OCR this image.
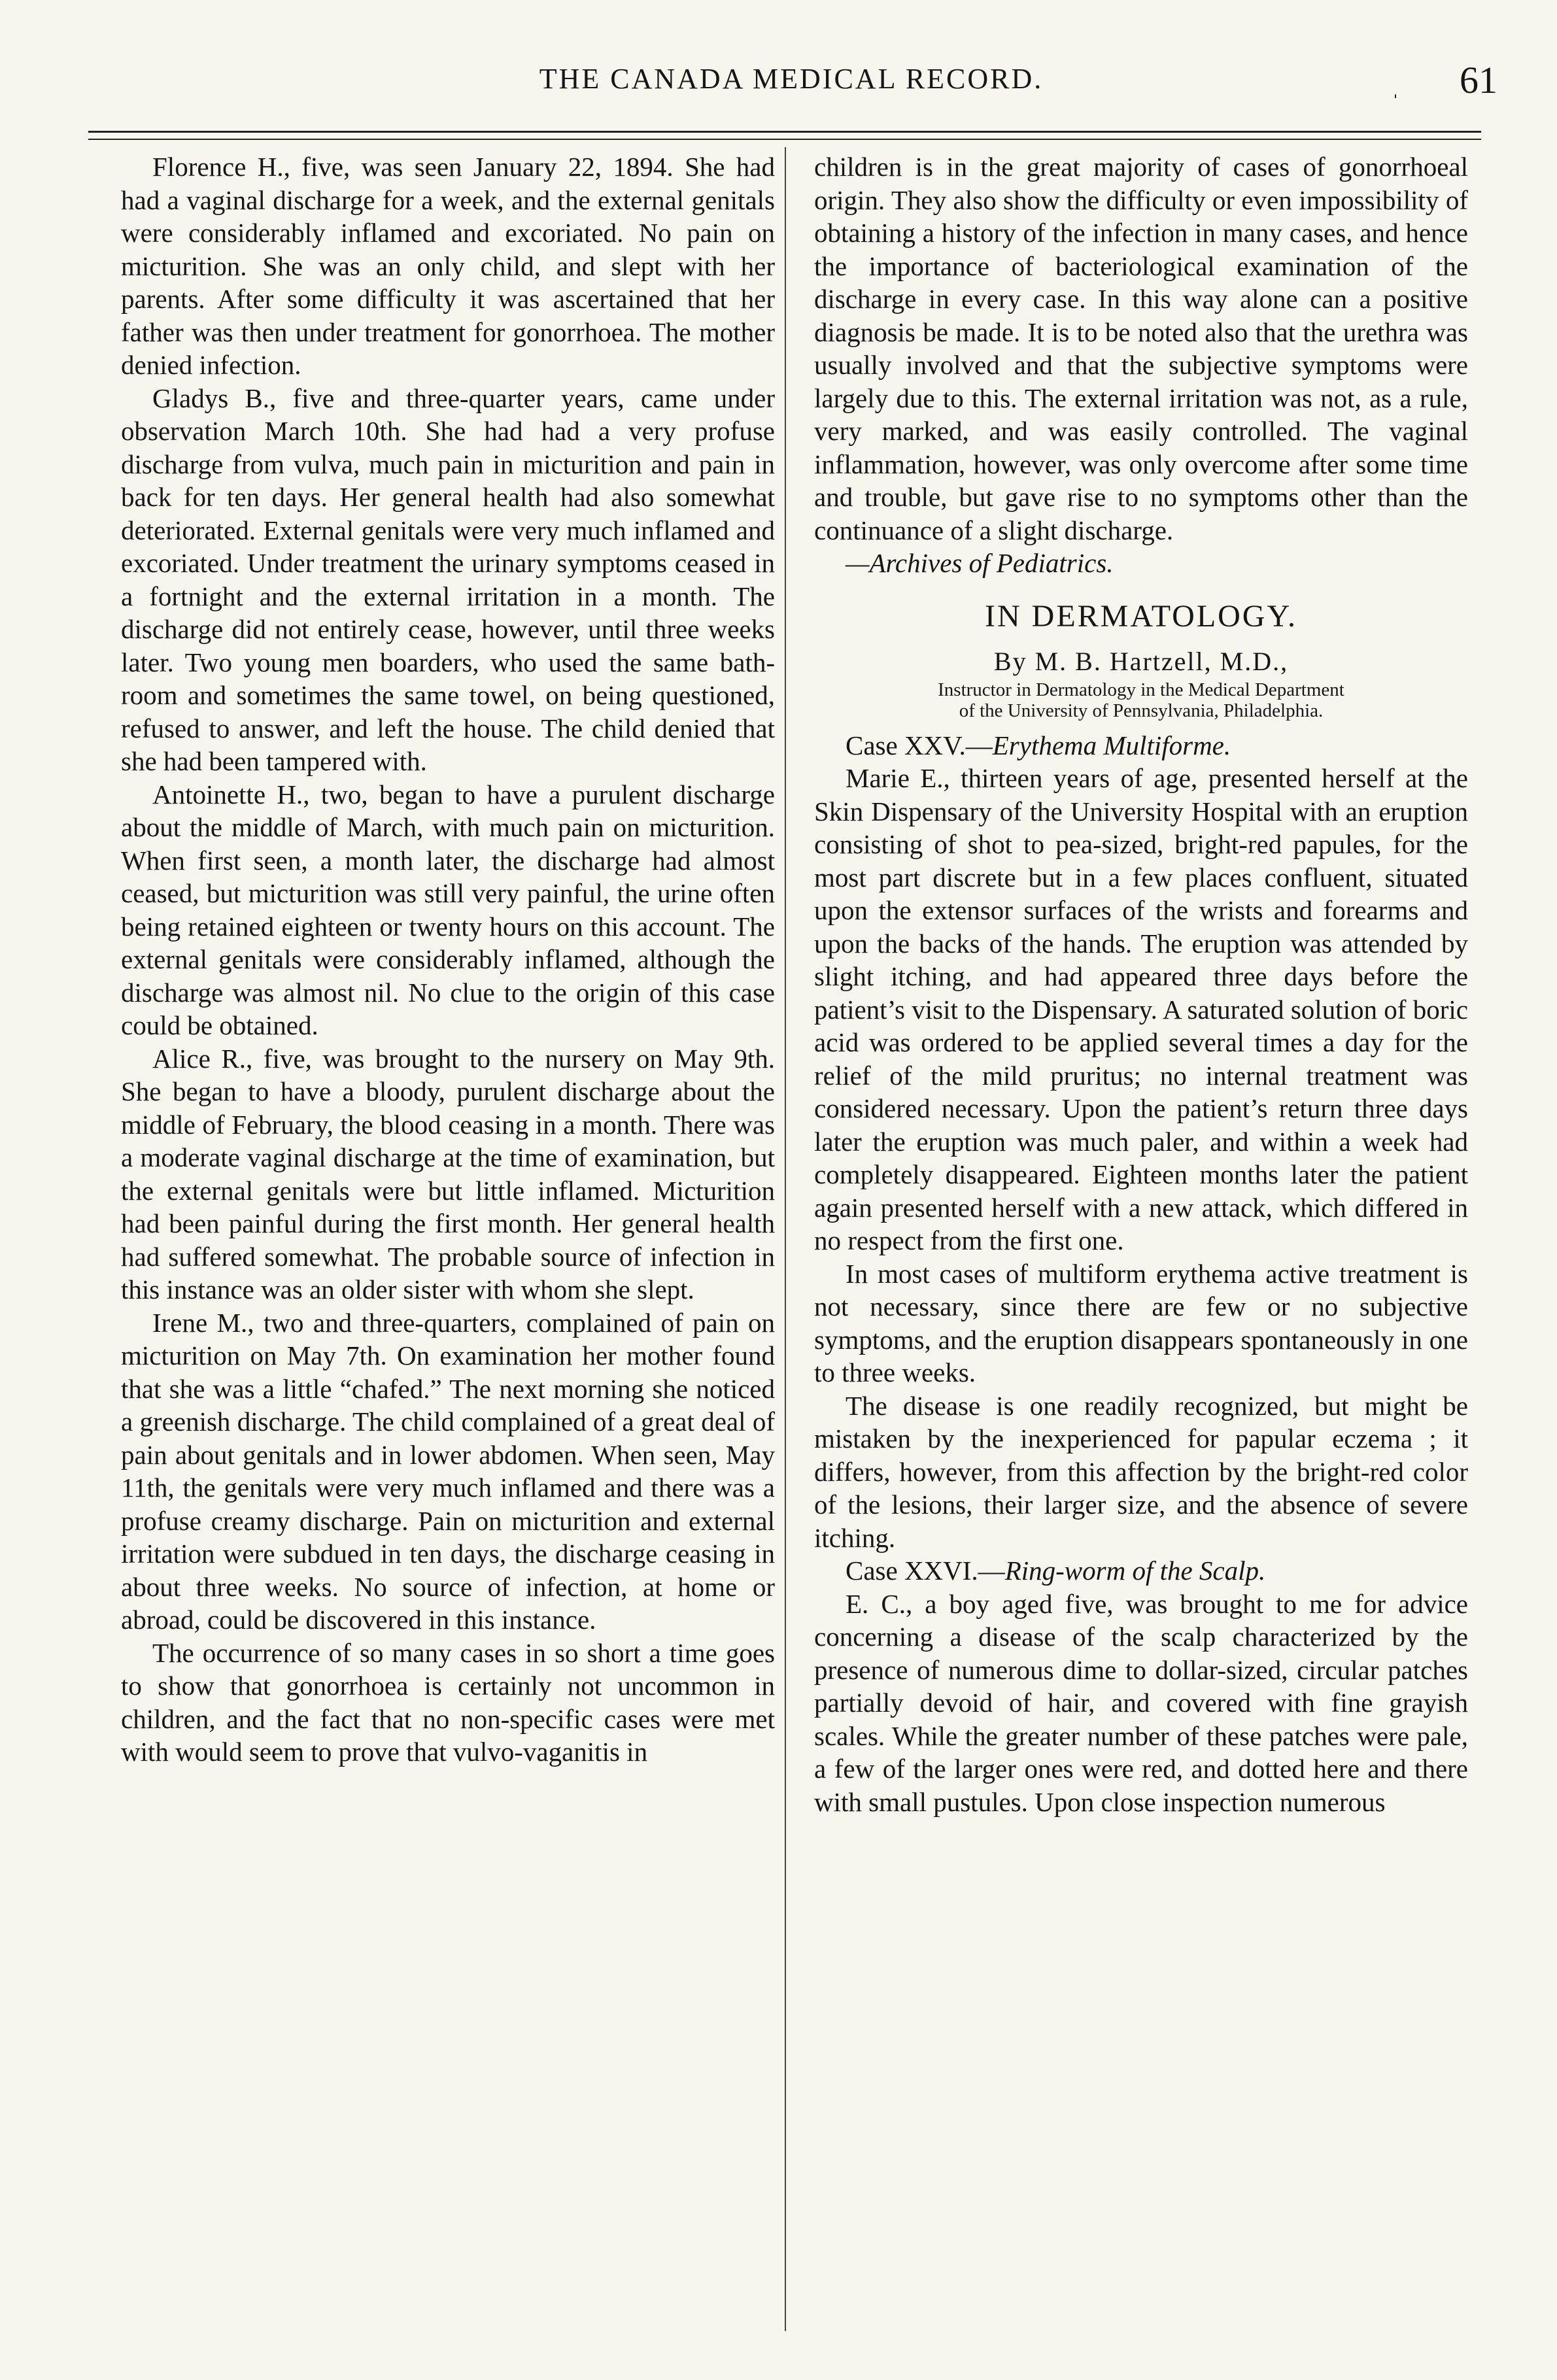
THE CANADA MEDICAL RECORD.	ˌ 61

Florence H., five, was seen January 22, 1894. She had had a vaginal discharge for a week, and the external genitals were considerably inflamed and excoriated. No pain on micturition. She was an only child, and slept with her parents. After some difficulty it was ascertained that her father was then under treatment for gonorrhoea. The mother denied infection.

Gladys B., five and three-quarter years, came under observation March 10th. She had had a very profuse discharge from vulva, much pain in micturition and pain in back for ten days. Her general health had also somewhat deteriorated. External genitals were very much inflamed and excoriated. Under treatment the urinary symptoms ceased in a fortnight and the external irritation in a month. The discharge did not entirely cease, however, until three weeks later. Two young men boarders, who used the same bath-room and sometimes the same towel, on being questioned, refused to answer, and left the house. The child denied that she had been tampered with.

Antoinette H., two, began to have a purulent discharge about the middle of March, with much pain on micturition. When first seen, a month later, the discharge had almost ceased, but micturition was still very painful, the urine often being retained eighteen or twenty hours on this account. The external genitals were considerably inflamed, although the discharge was almost nil. No clue to the origin of this case could be obtained.

Alice R., five, was brought to the nursery on May 9th. She began to have a bloody, purulent discharge about the middle of February, the blood ceasing in a month. There was a moderate vaginal discharge at the time of examination, but the external genitals were but little inflamed. Micturition had been painful during the first month. Her general health had suffered somewhat. The probable source of infection in this instance was an older sister with whom she slept.

Irene M., two and three-quarters, complained of pain on micturition on May 7th. On examination her mother found that she was a little “chafed.” The next morning she noticed a greenish discharge. The child complained of a great deal of pain about genitals and in lower abdomen. When seen, May 11th, the genitals were very much inflamed and there was a profuse creamy discharge. Pain on micturition and external irritation were subdued in ten days, the discharge ceasing in about three weeks. No source of infection, at home or abroad, could be discovered in this instance.

The occurrence of so many cases in so short a time goes to show that gonorrhoea is certainly not uncommon in children, and the fact that no non-specific cases were met with would seem to prove that vulvo-vaganitis in

children is in the great majority of cases of gonorrhoeal origin. They also show the difficulty or even impossibility of obtaining a history of the infection in many cases, and hence the importance of bacteriological examination of the discharge in every case. In this way alone can a positive diagnosis be made. It is to be noted also that the urethra was usually involved and that the subjective symptoms were largely due to this. The external irritation was not, as a rule, very marked, and was easily controlled. The vaginal inflammation, however, was only overcome after some time and trouble, but gave rise to no symptoms other than the continuance of a slight discharge.

—Archives of Pediatrics.

IN DERMATOLOGY.
By M. B. Hartzell, M.D.,
Instructor in Dermatology in the Medical Department
of the University of Pennsylvania, Philadelphia.

Case XXV.—Erythema Multiforme.

Marie E., thirteen years of age, presented herself at the Skin Dispensary of the University Hospital with an eruption consisting of shot to pea-sized, bright-red papules, for the most part discrete but in a few places confluent, situated upon the extensor surfaces of the wrists and forearms and upon the backs of the hands. The eruption was attended by slight itching, and had appeared three days before the patient’s visit to the Dispensary. A saturated solution of boric acid was ordered to be applied several times a day for the relief of the mild pruritus; no internal treatment was considered necessary. Upon the patient’s return three days later the eruption was much paler, and within a week had completely disappeared. Eighteen months later the patient again presented herself with a new attack, which differed in no respect from the first one.

In most cases of multiform erythema active treatment is not necessary, since there are few or no subjective symptoms, and the eruption disappears spontaneously in one to three weeks.

The disease is one readily recognized, but might be mistaken by the inexperienced for papular eczema ; it differs, however, from this affection by the bright-red color of the lesions, their larger size, and the absence of severe itching.

Case XXVI.—Ring-worm of the Scalp.

E. C., a boy aged five, was brought to me for advice concerning a disease of the scalp characterized by the presence of numerous dime to dollar-sized, circular patches partially devoid of hair, and covered with fine grayish scales. While the greater number of these patches were pale, a few of the larger ones were red, and dotted here and there with small pustules. Upon close inspection numerous
